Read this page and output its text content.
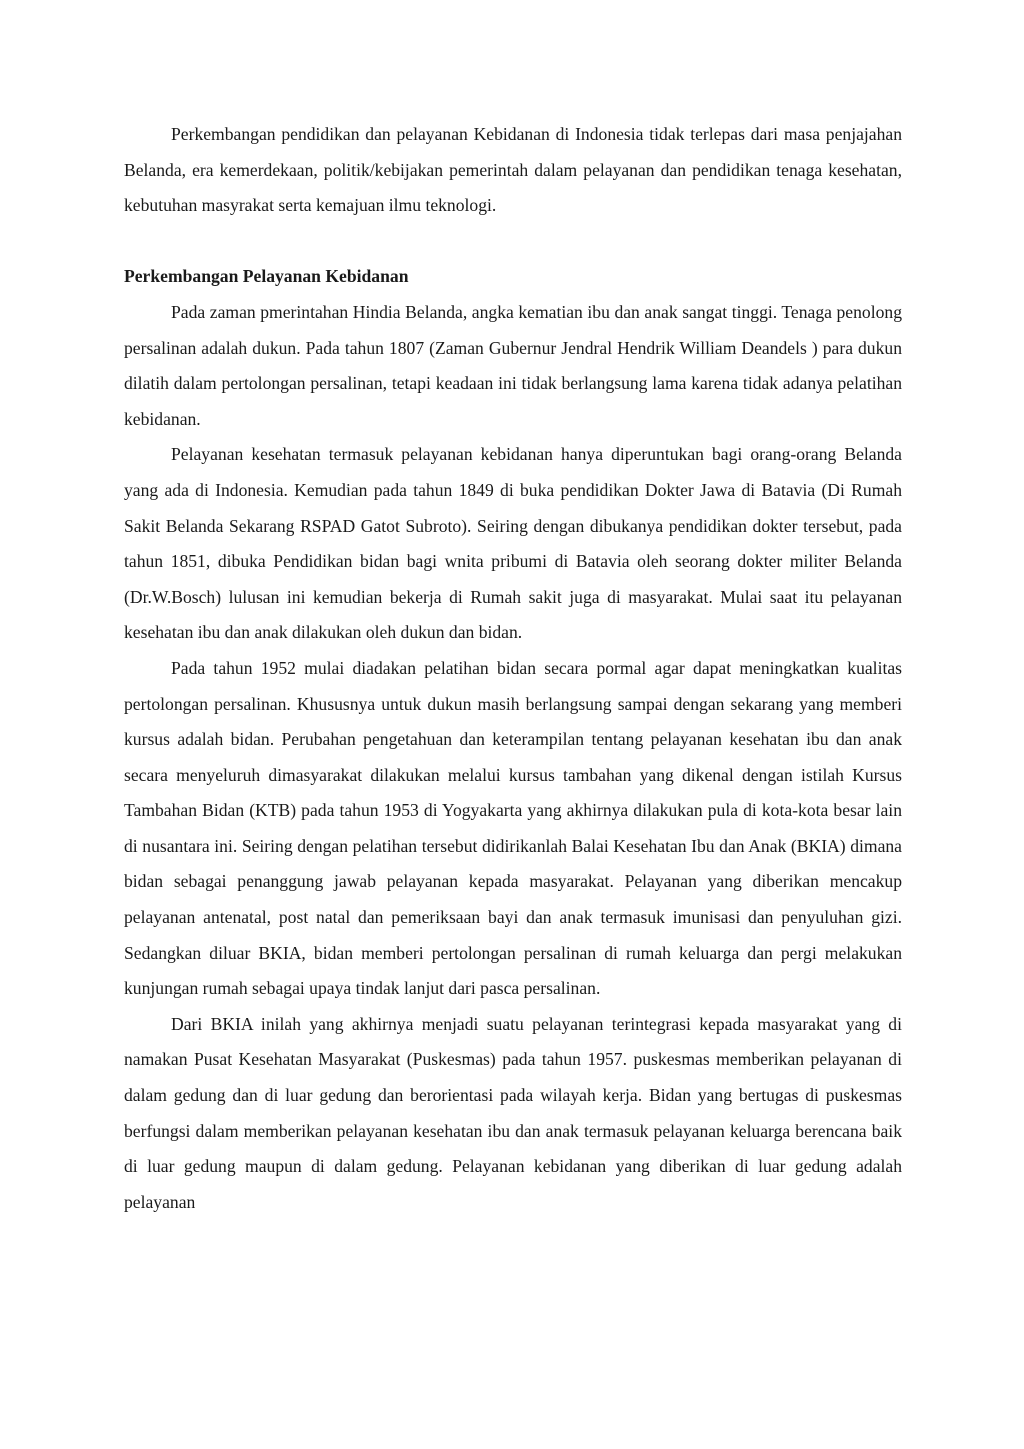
Perkembangan pendidikan dan pelayanan Kebidanan di Indonesia tidak terlepas dari masa penjajahan Belanda, era kemerdekaan, politik/kebijakan pemerintah dalam pelayanan dan pendidikan tenaga kesehatan, kebutuhan masyrakat serta kemajuan ilmu teknologi.

Perkembangan Pelayanan Kebidanan

Pada zaman pmerintahan Hindia Belanda, angka kematian ibu dan anak sangat tinggi. Tenaga penolong persalinan adalah dukun. Pada tahun 1807 (Zaman Gubernur Jendral Hendrik William Deandels ) para dukun dilatih dalam pertolongan persalinan, tetapi keadaan ini tidak berlangsung lama karena tidak adanya pelatihan kebidanan.

Pelayanan kesehatan termasuk pelayanan kebidanan hanya diperuntukan bagi orang-orang Belanda yang ada di Indonesia. Kemudian pada tahun 1849 di buka pendidikan Dokter Jawa di Batavia (Di Rumah Sakit Belanda Sekarang RSPAD Gatot Subroto). Seiring dengan dibukanya pendidikan dokter tersebut, pada tahun 1851, dibuka Pendidikan bidan bagi wnita pribumi di Batavia oleh seorang dokter militer Belanda (Dr.W.Bosch) lulusan ini kemudian bekerja di Rumah sakit juga di masyarakat. Mulai saat itu pelayanan kesehatan ibu dan anak dilakukan oleh dukun dan bidan.

Pada tahun 1952 mulai diadakan pelatihan bidan secara pormal agar dapat meningkatkan kualitas pertolongan persalinan. Khususnya untuk dukun masih berlangsung sampai dengan sekarang yang memberi kursus adalah bidan. Perubahan pengetahuan dan keterampilan tentang pelayanan kesehatan ibu dan anak secara menyeluruh dimasyarakat dilakukan melalui kursus tambahan yang dikenal dengan istilah Kursus Tambahan Bidan (KTB) pada tahun 1953 di Yogyakarta yang akhirnya dilakukan pula di kota-kota besar lain di nusantara ini. Seiring dengan pelatihan tersebut didirikanlah Balai Kesehatan Ibu dan Anak (BKIA) dimana bidan sebagai penanggung jawab pelayanan kepada masyarakat. Pelayanan yang diberikan mencakup pelayanan antenatal, post natal dan pemeriksaan bayi dan anak termasuk imunisasi dan penyuluhan gizi. Sedangkan diluar BKIA, bidan memberi pertolongan persalinan di rumah keluarga dan pergi melakukan kunjungan rumah sebagai upaya tindak lanjut dari pasca persalinan.

Dari BKIA inilah yang akhirnya menjadi suatu pelayanan terintegrasi kepada masyarakat yang di namakan Pusat Kesehatan Masyarakat (Puskesmas) pada tahun 1957. puskesmas memberikan pelayanan di dalam gedung dan di luar gedung dan berorientasi pada wilayah kerja. Bidan yang bertugas di puskesmas berfungsi dalam memberikan pelayanan kesehatan ibu dan anak termasuk pelayanan keluarga berencana baik di luar gedung maupun di dalam gedung. Pelayanan kebidanan yang diberikan di luar gedung adalah pelayanan
